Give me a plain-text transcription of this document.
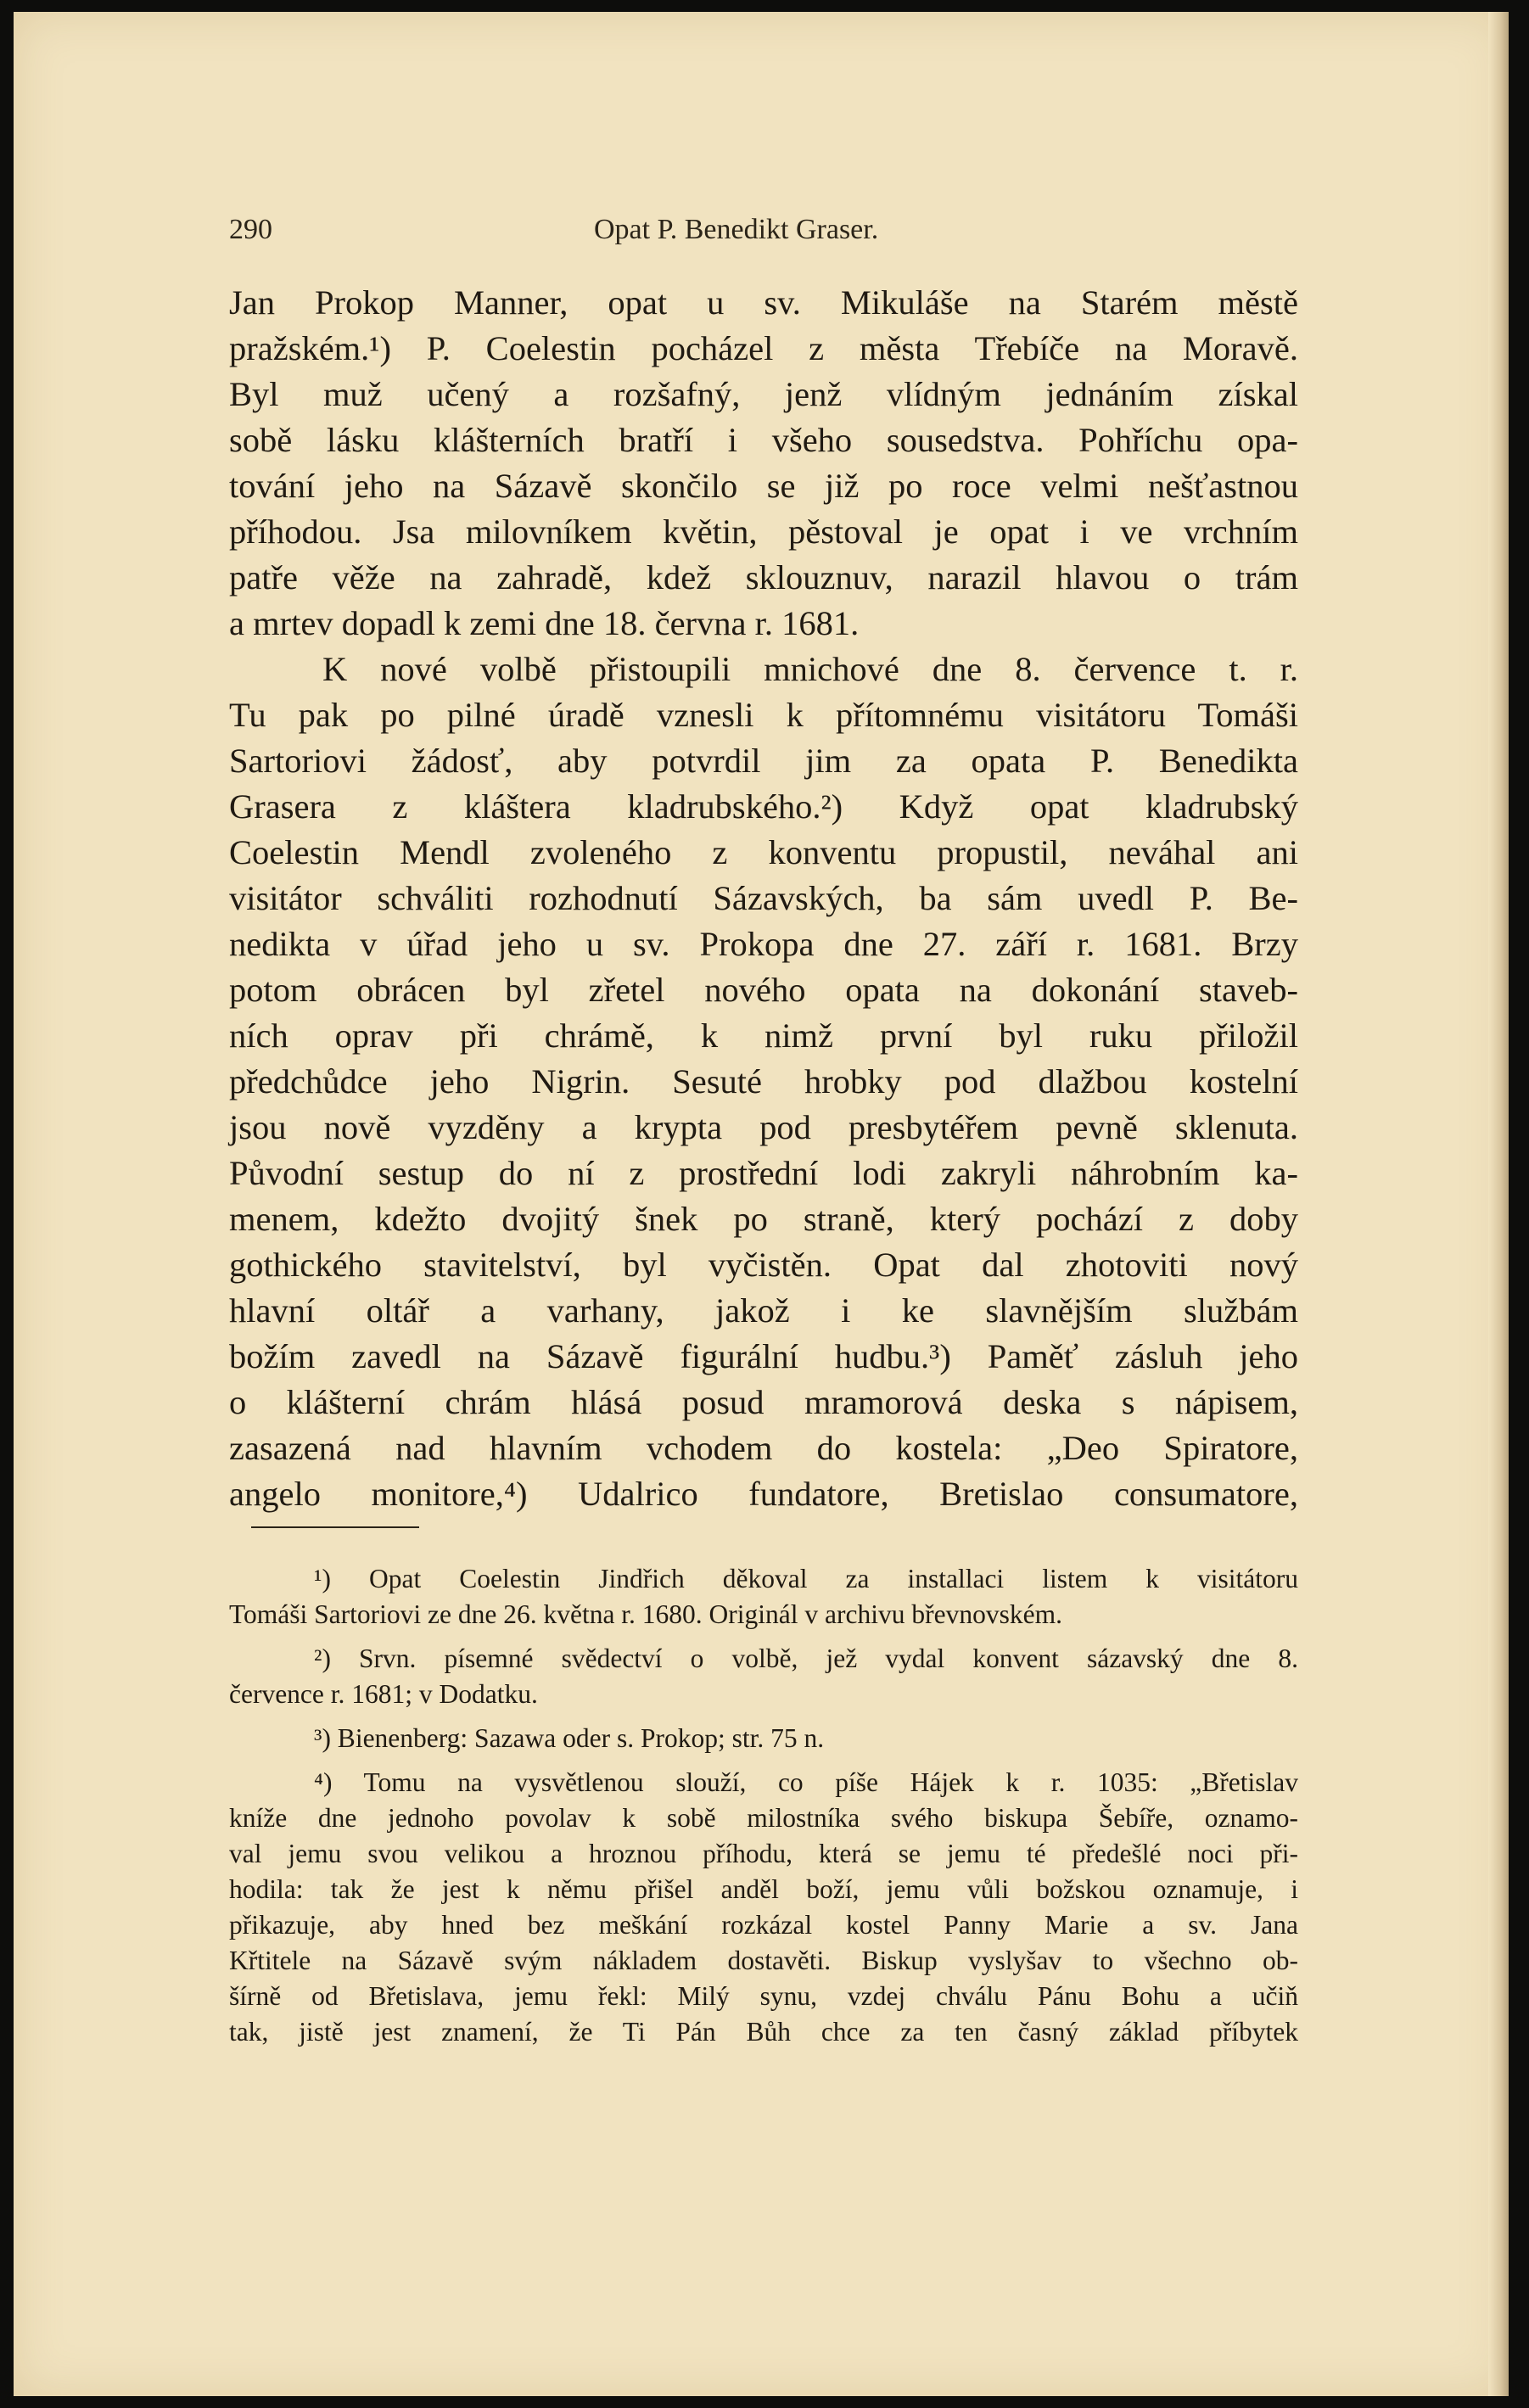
290	Opat P. Benedikt Graser.
Jan Prokop Manner, opat u sv. Mikuláše na Starém městě
pražském.¹) P. Coelestin pocházel z města Třebíče na Moravě.
Byl muž učený a rozšafný, jenž vlídným jednáním získal
sobě lásku klášterních bratří i všeho sousedstva. Pohříchu opa-
tování jeho na Sázavě skončilo se již po roce velmi nešťastnou
příhodou. Jsa milovníkem květin, pěstoval je opat i ve vrchním
patře věže na zahradě, kdež sklouznuv, narazil hlavou o trám
a mrtev dopadl k zemi dne 18. června r. 1681.
K nové volbě přistoupili mnichové dne 8. července t. r.
Tu pak po pilné úradě vznesli k přítomnému visitátoru Tomáši
Sartoriovi žádosť, aby potvrdil jim za opata P. Benedikta
Grasera z kláštera kladrubského.²) Když opat kladrubský
Coelestin Mendl zvoleného z konventu propustil, neváhal ani
visitátor schváliti rozhodnutí Sázavských, ba sám uvedl P. Be-
nedikta v úřad jeho u sv. Prokopa dne 27. září r. 1681. Brzy
potom obrácen byl zřetel nového opata na dokonání staveb-
ních oprav při chrámě, k nimž první byl ruku přiložil
předchůdce jeho Nigrin. Sesuté hrobky pod dlažbou kostelní
jsou nově vyzděny a krypta pod presbytéřem pevně sklenuta.
Původní sestup do ní z prostřední lodi zakryli náhrobním ka-
menem, kdežto dvojitý šnek po straně, který pochází z doby
gothického stavitelství, byl vyčistěn. Opat dal zhotoviti nový
hlavní oltář a varhany, jakož i ke slavnějším službám
božím zavedl na Sázavě figurální hudbu.³) Paměť zásluh jeho
o klášterní chrám hlásá posud mramorová deska s nápisem,
zasazená nad hlavním vchodem do kostela: „Deo Spiratore,
angelo monitore,⁴) Udalrico fundatore, Bretislao consumatore,
¹) Opat Coelestin Jindřich děkoval za installaci listem k visitátoru
Tomáši Sartoriovi ze dne 26. května r. 1680. Originál v archivu břevnovském.
²) Srvn. písemné svědectví o volbě, jež vydal konvent sázavský dne 8.
července r. 1681; v Dodatku.
³) Bienenberg: Sazawa oder s. Prokop; str. 75 n.
⁴) Tomu na vysvětlenou slouží, co píše Hájek k r. 1035: „Břetislav
kníže dne jednoho povolav k sobě milostníka svého biskupa Šebíře, oznamo-
val jemu svou velikou a hroznou příhodu, která se jemu té předešlé noci při-
hodila: tak že jest k němu přišel anděl boží, jemu vůli božskou oznamuje, i
přikazuje, aby hned bez meškání rozkázal kostel Panny Marie a sv. Jana
Křtitele na Sázavě svým nákladem dostavěti. Biskup vyslyšav to všechno ob-
šírně od Břetislava, jemu řekl: Milý synu, vzdej chválu Pánu Bohu a učiň
tak, jistě jest znamení, že Ti Pán Bůh chce za ten časný základ příbytek
